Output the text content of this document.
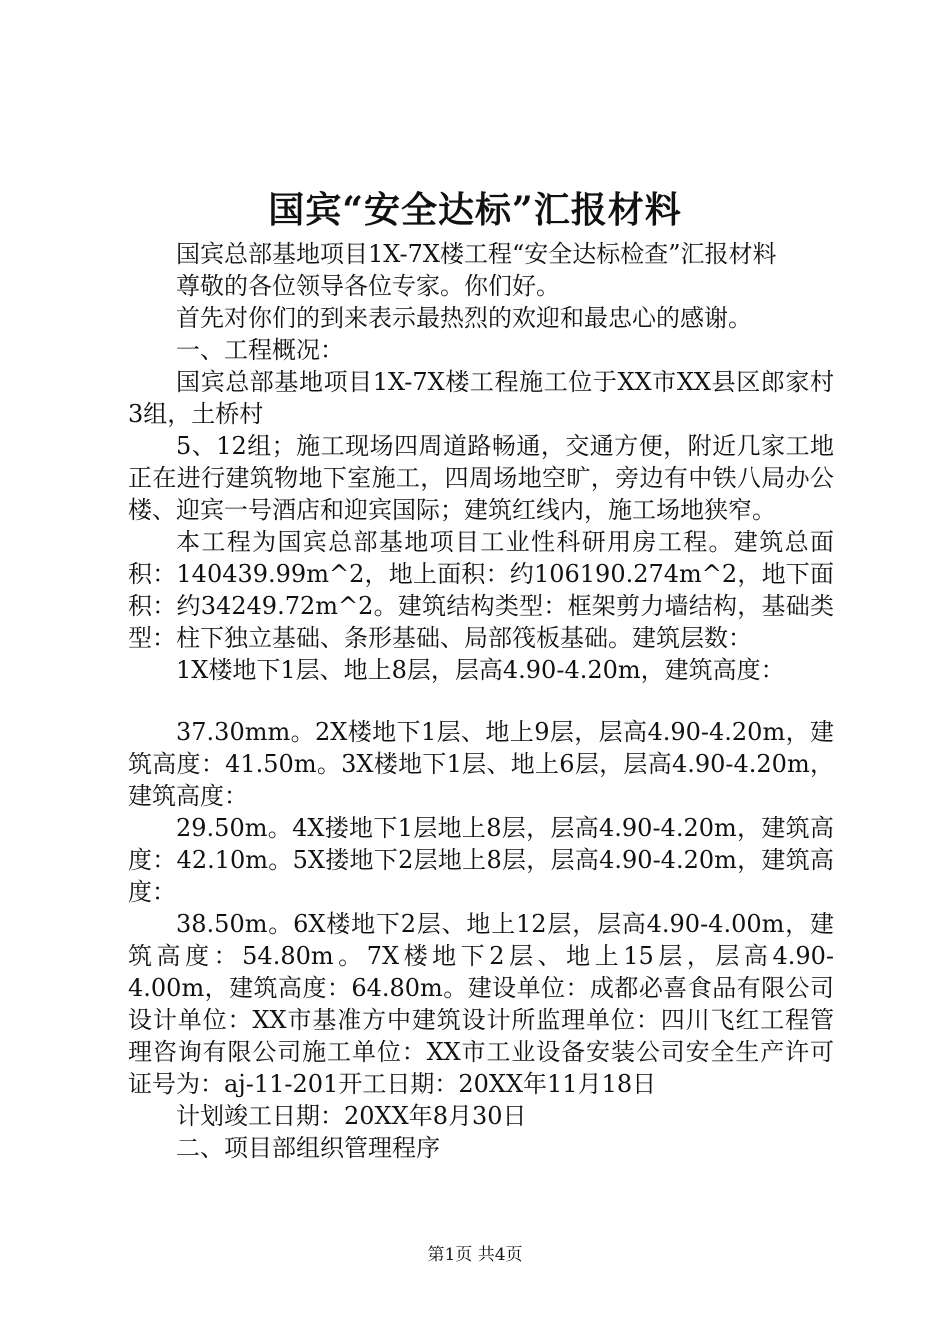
国宾“安全达标”汇报材料

国宾总部基地项目1X-7X楼工程“安全达标检查”汇报材料

尊敬的各位领导各位专家。你们好。

首先对你们的到来表示最热烈的欢迎和最忠心的感谢。

一、工程概况：

国宾总部基地项目1X-7X楼工程施工位于XX市XX县区郎家村3组，土桥村

5、12组；施工现场四周道路畅通，交通方便，附近几家工地正在进行建筑物地下室施工，四周场地空旷，旁边有中铁八局办公楼、迎宾一号酒店和迎宾国际；建筑红线内，施工场地狭窄。

本工程为国宾总部基地项目工业性科研用房工程。建筑总面积：140439.99m^2，地上面积：约106190.274m^2，地下面积：约34249.72m^2。建筑结构类型：框架剪力墙结构，基础类型：柱下独立基础、条形基础、局部筏板基础。建筑层数：

1X楼地下1层、地上8层，层高4.90-4.20m，建筑高度：

37.30mm。2X楼地下1层、地上9层，层高4.90-4.20m，建筑高度：41.50m。3X楼地下1层、地上6层，层高4.90-4.20m，建筑高度：

29.50m。4X搂地下1层地上8层，层高4.90-4.20m，建筑高度：42.10m。5X搂地下2层地上8层，层高4.90-4.20m，建筑高度：

38.50m。6X楼地下2层、地上12层，层高4.90-4.00m，建筑高度：54.80m。7X楼地下2层、地上15层，层高4.90-4.00m，建筑高度：64.80m。建设单位：成都必喜食品有限公司设计单位：XX市基准方中建筑设计所监理单位：四川飞红工程管理咨询有限公司施工单位：XX市工业设备安装公司安全生产许可证号为：aj-11-201开工日期：20XX年11月18日

计划竣工日期：20XX年8月30日

二、项目部组织管理程序

第1页 共4页
